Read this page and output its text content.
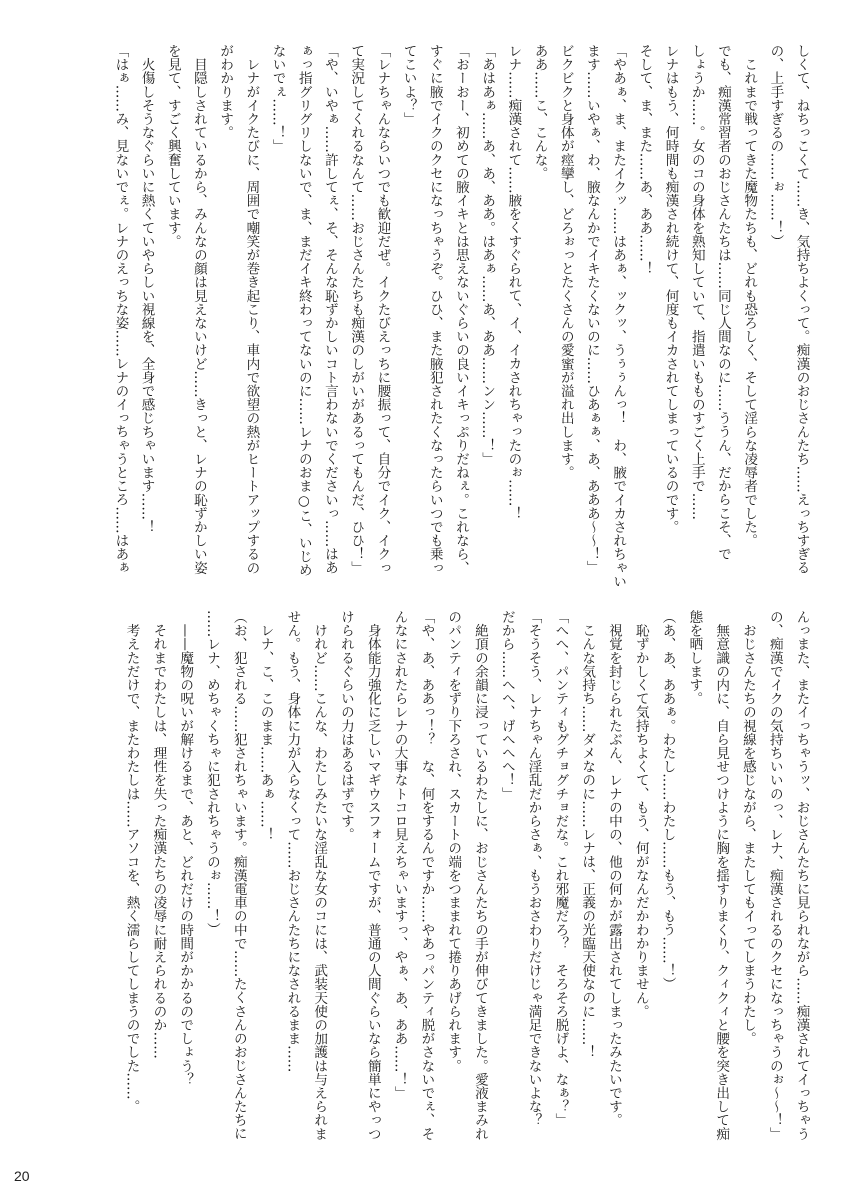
しくて、ねちっこくて……き、気持ちよくって。痴漢のおじさんたち……えっちすぎる
の、上手すぎるの……ぉ……！）
　これまで戦ってきた魔物たちも、どれも恐ろしく、そして淫らな凌辱者でした。
でも、痴漢常習者のおじさんたちは……同じ人間なのに……ううん、だからこそ、で
しょうか……。女のコの身体を熟知していて、指遣いもものすごく上手で……
レナはもう、何時間も痴漢され続けて、何度もイカされてしまっているのです。
そして、ま、また……あ、ああ……！
「やあぁ、ま、またイクッ……はあぁ、ックッ、うぅぅんっ！　わ、腋でイカされちゃい
ます……いやぁ、わ、腋なんかでイキたくないのに……ひあぁぁ、あ、あああ〜〜！」
ビクビクと身体が痙攣し、どろぉっとたくさんの愛蜜が溢れ出します。
ああ……こ、こんな。
レナ……痴漢されて……腋をくすぐられて、イ、イカされちゃったのぉ……！
「あはあぁ……あ、あ、ああ。はあぁ……あ、ああ……ンン……！」
「おーおー、初めての腋イキとは思えないぐらいの良いイキっぷりだねぇ。これなら、
すぐに腋でイクのクセになっちゃうぞ。ひひ、また腋犯されたくなったらいつでも乗っ
てこいよ？」
「レナちゃんならいつでも歓迎だぜ。イクたびえっちに腰振って、自分でイク、イクっ
て実況してくれるなんて……おじさんたちも痴漢のしがいがあるってもんだ、ひひ！」
「や、いやぁ……許してぇ、そ、そんな恥ずかしいコト言わないでくださいっ……はあ
ぁっ指グリグリしないで、ま、まだイキ終わってないのに……レナのおま○こ、いじめ
ないでぇ……！」
　レナがイクたびに、周囲で嘲笑が巻き起こり、車内で欲望の熱がヒートアップするの
がわかります。
　目隠しされているから、みんなの顔は見えないけど……きっと、レナの恥ずかしい姿
を見て、すごく興奮しています。
　火傷しそうなぐらいに熱くていやらしい視線を、全身で感じちゃいます……！
「はぁ……み、見ないでぇ。レナのえっちな姿……レナのイっちゃうところ……はあぁ
んっまた、またイっちゃうッ、おじさんたちに見られながら……痴漢されてイっちゃう
の、痴漢でイクの気持ちいいのっ、レナ、痴漢されるのクセになっちゃうのぉ〜〜！」
　おじさんたちの視線を感じながら、またしてもイってしまうわたし。
　無意識の内に、自ら見せつけように胸を揺すりまくり、クィクィと腰を突き出して痴
態を晒します。
（あ、あ、ああぁ。わたし……わたし……もう、もう……！）
　恥ずかしくて気持ちよくて、もう、何がなんだかわかりません。
　視覚を封じられたぶん、レナの中の、他の何かが露出されてしまったみたいです。
　こんな気持ち……ダメなのに……レナは、正義の光臨天使なのに……！
「へへ、パンティもグチョグチョだな。これ邪魔だろ？　そろそろ脱げよ、なぁ？」
「そうそう、レナちゃん淫乱だからさぁ、もうおさわりだけじゃ満足できないよな？
だから……へへ、げへへへ！」
　絶頂の余韻に浸っているわたしに、おじさんたちの手が伸びてきました。愛液まみれ
のパンティをずり下ろされ、スカートの端をつままれて捲りあげられます。
「や、あ、ああっ！？　な、何をするんですか……やあっパンティ脱がさないでぇ、そ
んなにされたらレナの大事なトコロ見えちゃいますっ、やぁ、あ、ああ……！」
　身体能力強化に乏しいマギウスフォームですが、普通の人間ぐらいなら簡単にやっつ
けられるぐらいの力はあるはずです。
　けれど……こんな、わたしみたいな淫乱な女のコには、武装天使の加護は与えられま
せん。もう、身体に力が入らなくって……おじさんたちになされるまま……
　レナ、こ、このまま……あぁ……！
（お、犯される……犯されちゃいます。痴漢電車の中で……たくさんのおじさんたちに
……レナ、めちゃくちゃに犯されちゃうのぉ……！）
　——魔物の呪いが解けるまで、あと、どれだけの時間がかかるのでしょう？
　それまでわたしは、理性を失った痴漢たちの凌辱に耐えられるのか……
　考えただけで、またわたしは……アソコを、熱く濡らしてしまうのでした……。
20
